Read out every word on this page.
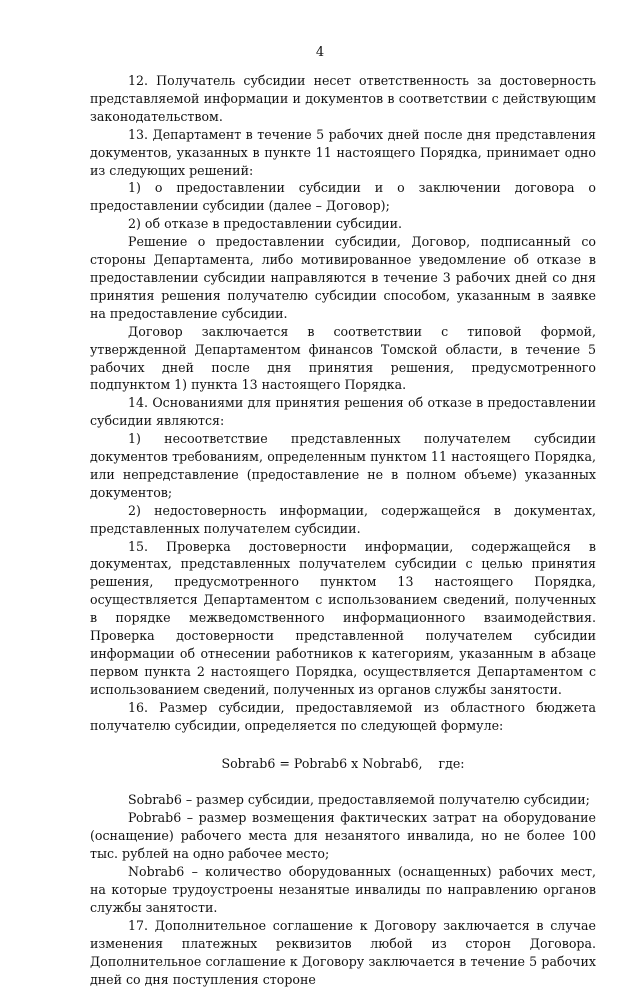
4

12. Получатель субсидии несет ответственность за достоверность представляемой информации и документов в соответствии с действующим законодательством.

13. Департамент в течение 5 рабочих дней после дня представления документов, указанных в пункте 11 настоящего Порядка, принимает одно из следующих решений:

1) о предоставлении субсидии и о заключении договора о предоставлении субсидии (далее – Договор);

2) об отказе в предоставлении субсидии.

Решение о предоставлении субсидии, Договор, подписанный со стороны Департамента, либо мотивированное уведомление об отказе в предоставлении субсидии направляются в течение 3 рабочих дней со дня принятия решения получателю субсидии способом, указанным в заявке на предоставление субсидии.

Договор заключается в соответствии с типовой формой, утвержденной Департаментом финансов Томской области, в течение 5 рабочих дней после дня принятия решения, предусмотренного подпунктом 1) пункта 13 настоящего Порядка.

14. Основаниями для принятия решения об отказе в предоставлении субсидии являются:

1) несоответствие представленных получателем субсидии документов требованиям, определенным пунктом 11 настоящего Порядка, или непредставление (предоставление не в полном объеме) указанных документов;

2) недостоверность информации, содержащейся в документах, представленных получателем субсидии.

15. Проверка достоверности информации, содержащейся в документах, представленных получателем субсидии с целью принятия решения, предусмотренного пунктом 13 настоящего Порядка, осуществляется Департаментом с использованием сведений, полученных в порядке межведомственного информационного взаимодействия. Проверка достоверности представленной получателем субсидии информации об отнесении работников к категориям, указанным в абзаце первом пункта 2 настоящего Порядка, осуществляется Департаментом с использованием сведений, полученных из органов службы занятости.

16. Размер субсидии, предоставляемой из областного бюджета получателю субсидии, определяется по следующей формуле:

Sobrab6 = Pobrab6 x Nobrab6, где:

Sobrab6 – размер субсидии, предоставляемой получателю субсидии;

Pobrab6 – размер возмещения фактических затрат на оборудование (оснащение) рабочего места для незанятого инвалида, но не более 100 тыс. рублей на одно рабочее место;

Nobrab6 – количество оборудованных (оснащенных) рабочих мест, на которые трудоустроены незанятые инвалиды по направлению органов службы занятости.

17. Дополнительное соглашение к Договору заключается в случае изменения платежных реквизитов любой из сторон Договора. Дополнительное соглашение к Договору заключается в течение 5 рабочих дней со дня поступления стороне
